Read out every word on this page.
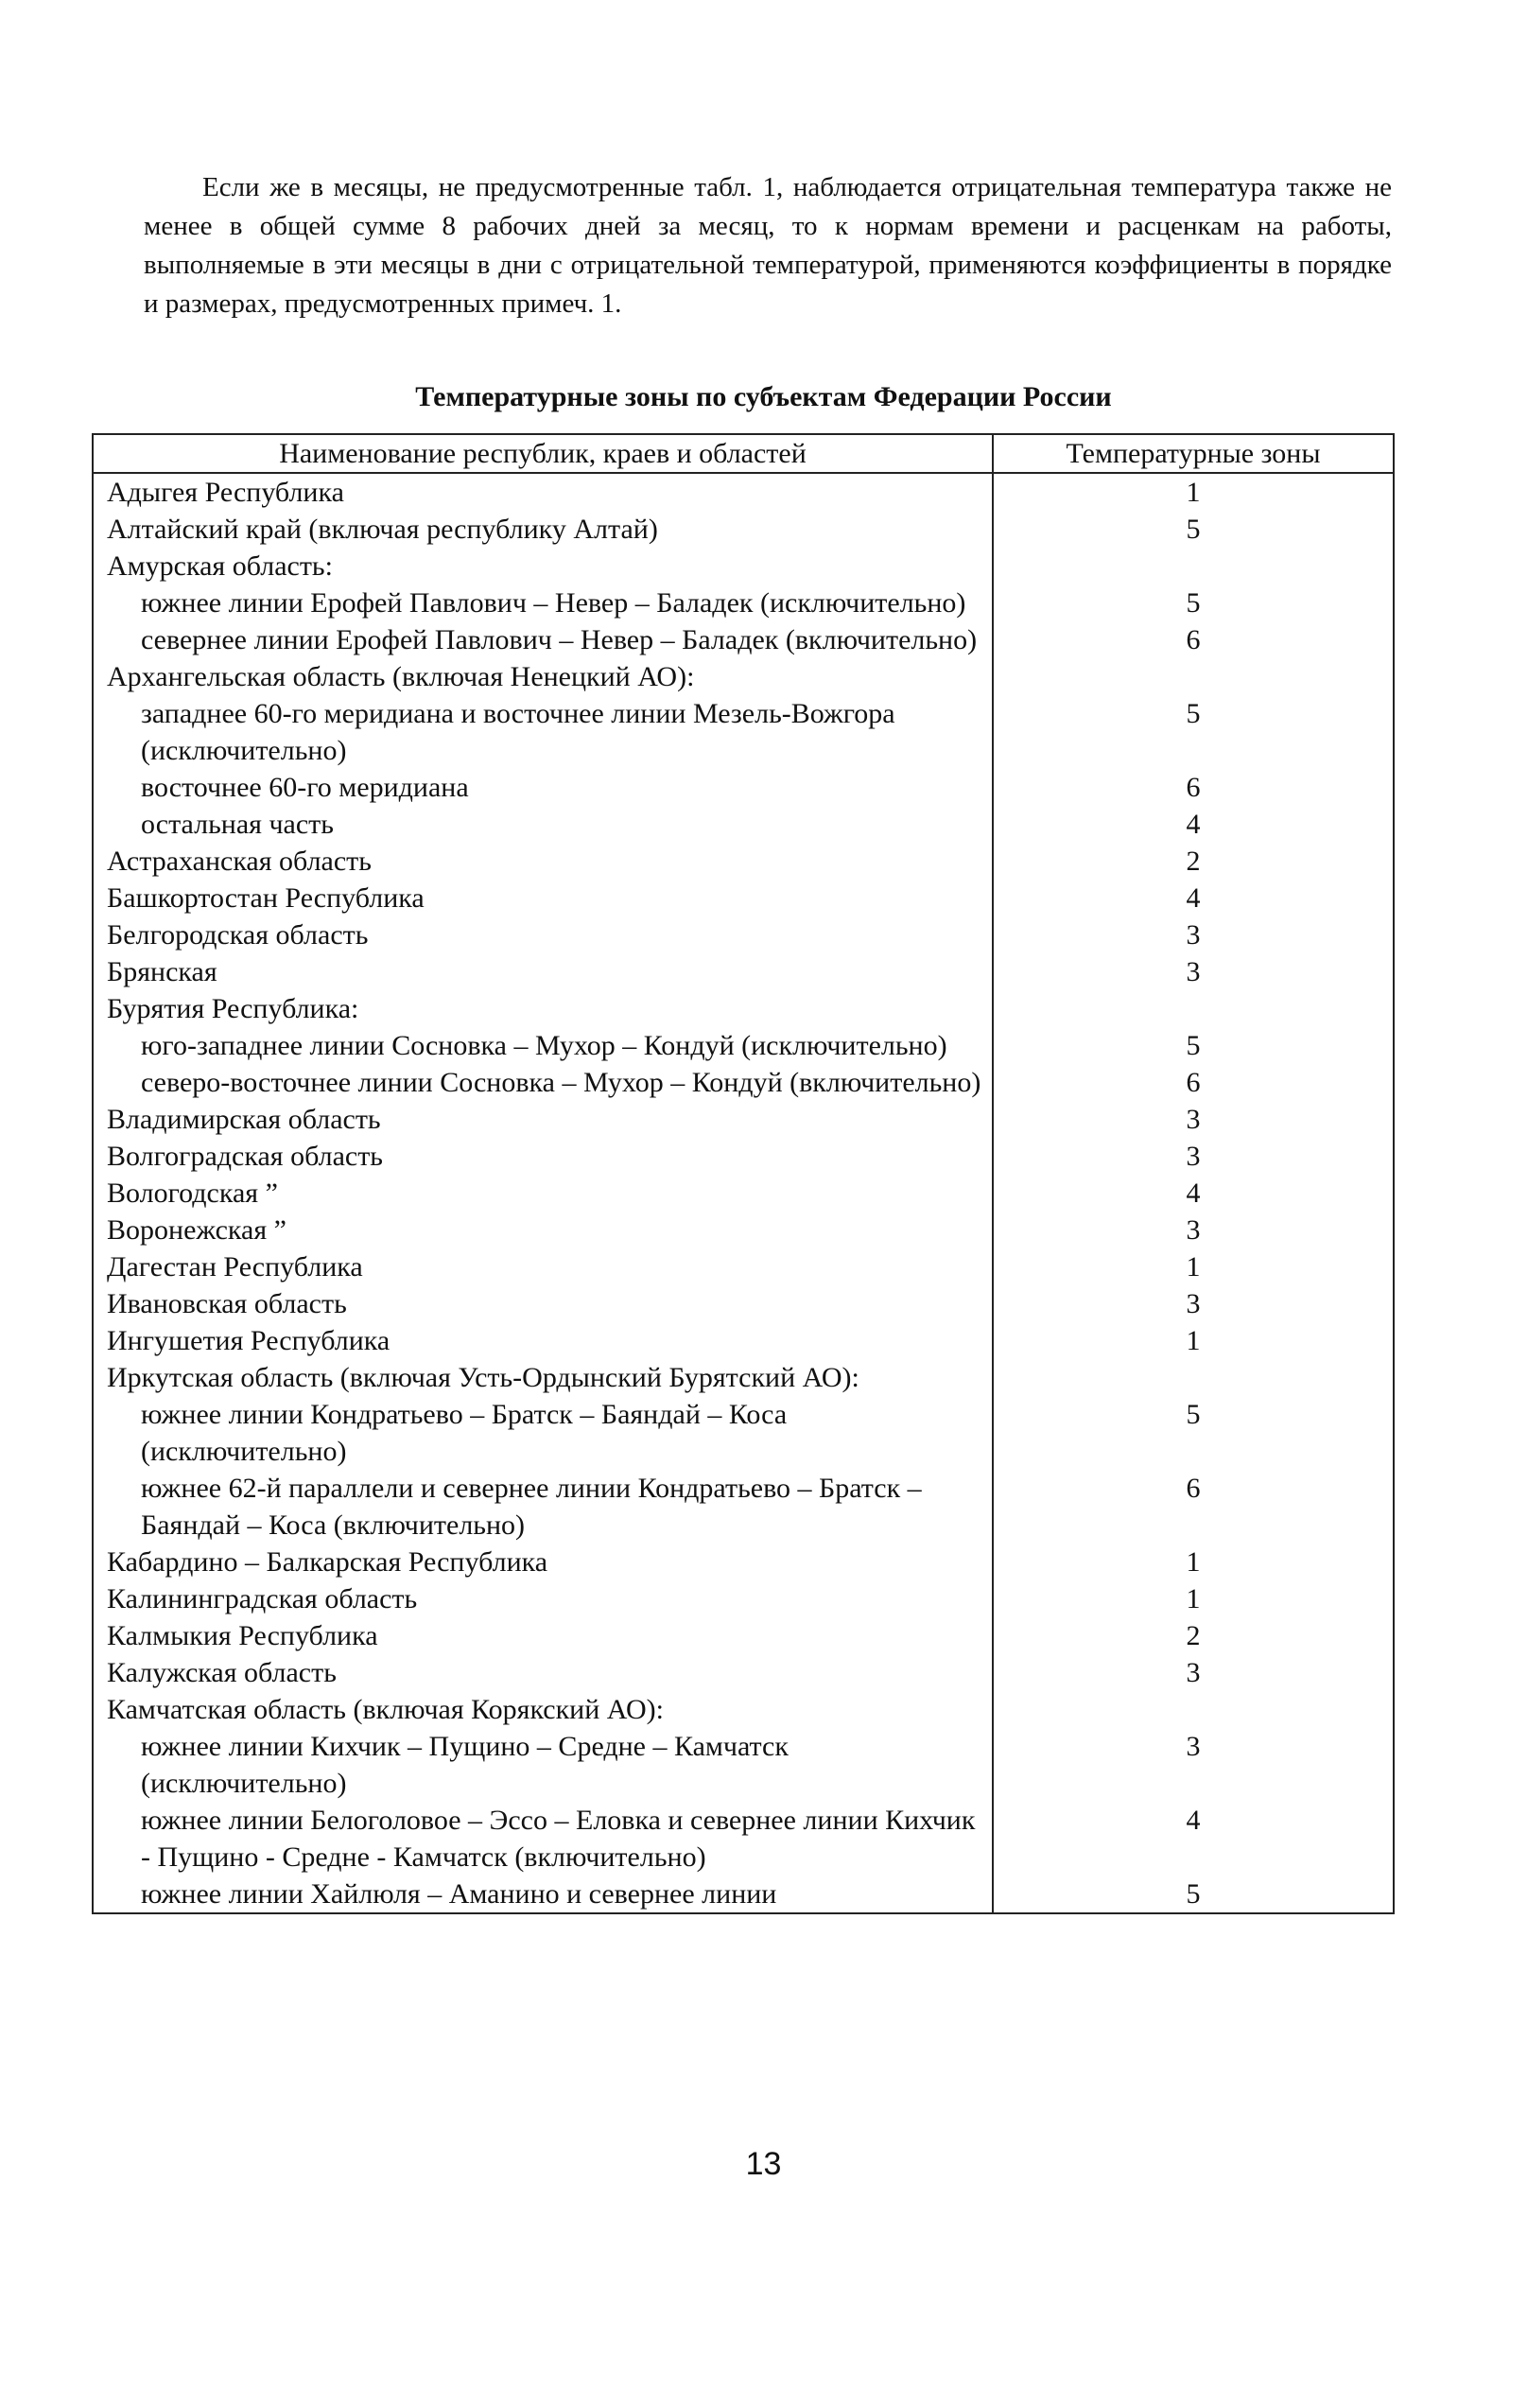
Если же в месяцы, не предусмотренные табл. 1, наблюдается отрицательная температура также не менее в общей сумме 8 рабочих дней за месяц, то к нормам времени и расценкам на работы, выполняемые в эти месяцы в дни с отрицательной температурой, применяются коэффициенты в порядке и размерах, предусмотренных примеч. 1.

Температурные зоны по субъектам Федерации России
Наименование республик, краев и областей	Температурные зоны
Адыгея Республика	1
Алтайский край (включая республику Алтай)	5
Амурская область:	
южнее линии Ерофей Павлович – Невер – Баладек (исключительно)	5
севернее линии Ерофей Павлович – Невер – Баладек (включительно)	6
Архангельская область (включая Ненецкий АО):	
западнее 60-го меридиана и восточнее линии Мезель-Вожгора (исключительно)	5
восточнее 60-го меридиана	6
остальная часть	4
Астраханская область	2
Башкортостан Республика	4
Белгородская область	3
Брянская	3
Бурятия Республика:	
юго-западнее линии Сосновка – Мухор – Кондуй (исключительно)	5
северо-восточнее линии Сосновка – Мухор – Кондуй (включительно)	6
Владимирская область	3
Волгоградская область	3
Вологодская ”	4
Воронежская ”	3
Дагестан Республика	1
Ивановская область	3
Ингушетия Республика	1
Иркутская область (включая Усть-Ордынский Бурятский АО):	
южнее линии Кондратьево – Братск – Баяндай – Коса (исключительно)	5
южнее 62-й параллели и севернее линии Кондратьево – Братск – Баяндай – Коса (включительно)	6
Кабардино – Балкарская Республика	1
Калининградская область	1
Калмыкия Республика	2
Калужская область	3
Камчатская область (включая Корякский АО):	
южнее линии Кихчик – Пущино – Средне – Камчатск (исключительно)	3
южнее линии Белоголовое – Эссо – Еловка и севернее линии Кихчик - Пущино - Средне - Камчатск (включительно)	4
южнее линии Хайлюля – Аманино и севернее линии	5
13
